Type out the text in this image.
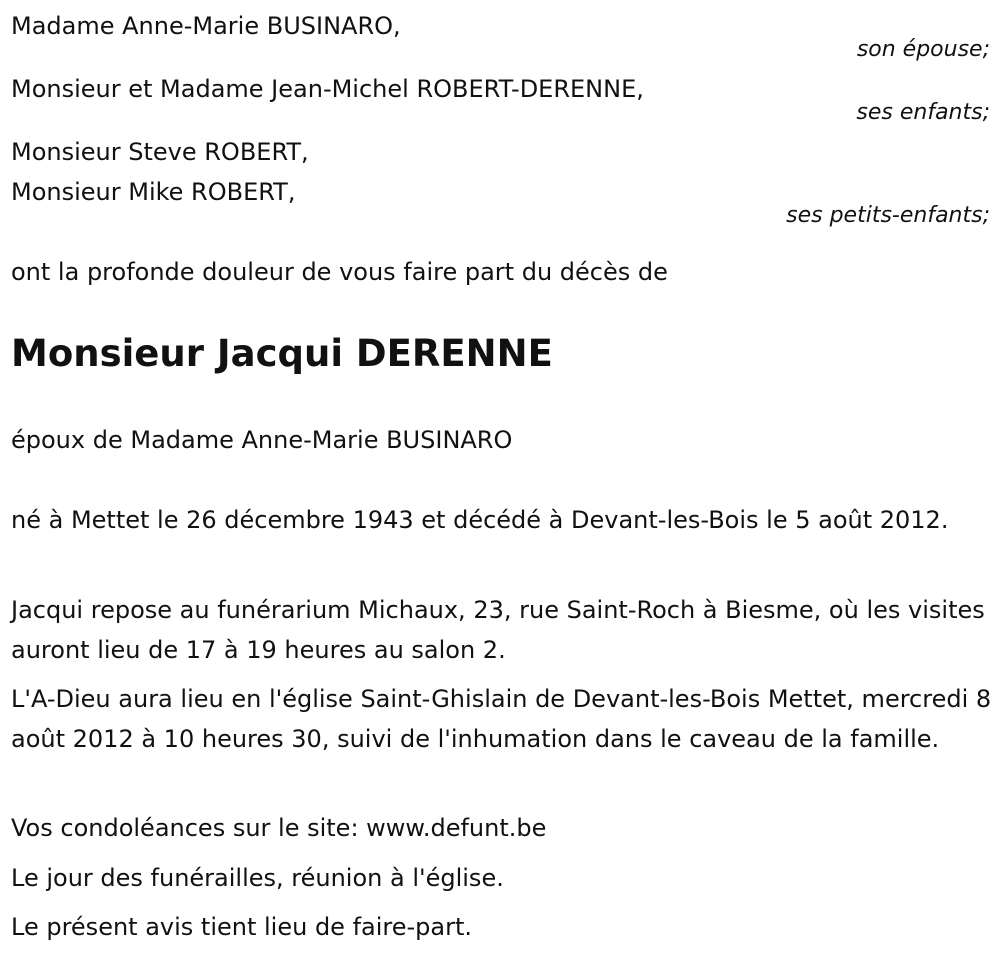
Madame Anne-Marie BUSINARO,
son épouse;
Monsieur et Madame Jean-Michel ROBERT-DERENNE,
ses enfants;
Monsieur Steve ROBERT,
Monsieur Mike ROBERT,
ses petits-enfants;
ont la profonde douleur de vous faire part du décès de
Monsieur Jacqui DERENNE
époux de Madame Anne-Marie BUSINARO
né à Mettet le 26 décembre 1943 et décédé à Devant-les-Bois le 5 août 2012.
Jacqui repose au funérarium Michaux, 23, rue Saint-Roch à Biesme, où les visites auront lieu de 17 à 19 heures au salon 2.
L'A-Dieu aura lieu en l'église Saint-Ghislain de Devant-les-Bois Mettet, mercredi 8 août 2012 à 10 heures 30, suivi de l'inhumation dans le caveau de la famille.
Vos condoléances sur le site: www.defunt.be
Le jour des funérailles, réunion à l'église.
Le présent avis tient lieu de faire-part.
